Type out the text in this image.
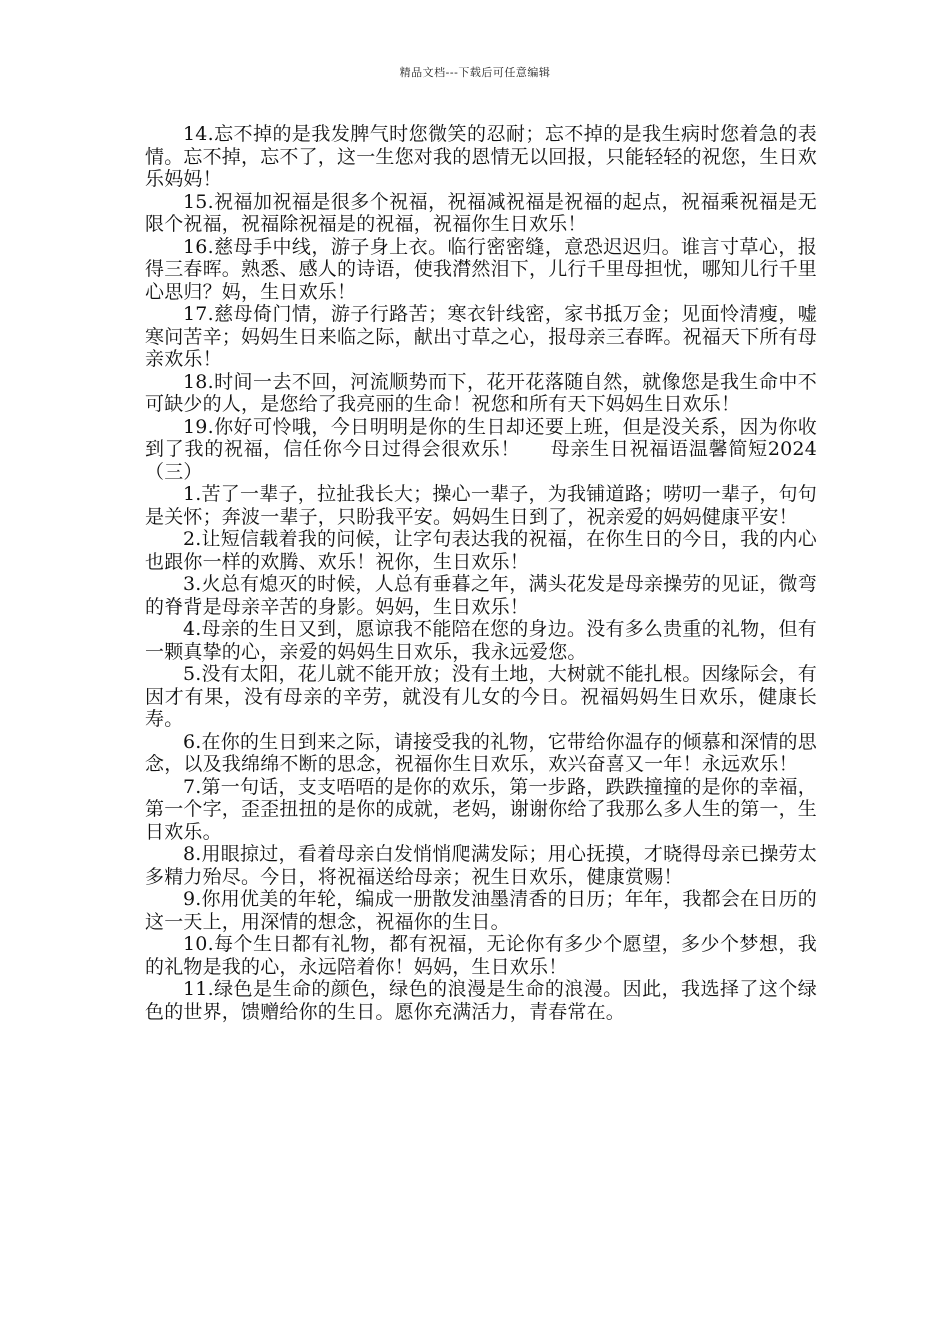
精品文档---下载后可任意编辑

14.忘不掉的是我发脾气时您微笑的忍耐；忘不掉的是我生病时您着急的表情。忘不掉，忘不了，这一生您对我的恩情无以回报，只能轻轻的祝您，生日欢乐妈妈！

15.祝福加祝福是很多个祝福，祝福减祝福是祝福的起点，祝福乘祝福是无限个祝福，祝福除祝福是的祝福，祝福你生日欢乐！

16.慈母手中线，游子身上衣。临行密密缝，意恐迟迟归。谁言寸草心，报得三春晖。熟悉、感人的诗语，使我潸然泪下，儿行千里母担忧，哪知儿行千里心思归？妈，生日欢乐！

17.慈母倚门情，游子行路苦；寒衣针线密，家书抵万金；见面怜清瘦，嘘寒问苦辛；妈妈生日来临之际，献出寸草之心，报母亲三春晖。祝福天下所有母亲欢乐！

18.时间一去不回，河流顺势而下，花开花落随自然，就像您是我生命中不可缺少的人，是您给了我亮丽的生命！祝您和所有天下妈妈生日欢乐！

19.你好可怜哦，今日明明是你的生日却还要上班，但是没关系，因为你收到了我的祝福，信任你今日过得会很欢乐！ 母亲生日祝福语温馨简短2024（三）

1.苦了一辈子，拉扯我长大；操心一辈子，为我铺道路；唠叨一辈子，句句是关怀；奔波一辈子，只盼我平安。妈妈生日到了，祝亲爱的妈妈健康平安！

2.让短信载着我的问候，让字句表达我的祝福，在你生日的今日，我的内心也跟你一样的欢腾、欢乐！祝你，生日欢乐！

3.火总有熄灭的时候，人总有垂暮之年，满头花发是母亲操劳的见证，微弯的脊背是母亲辛苦的身影。妈妈，生日欢乐！

4.母亲的生日又到，愿谅我不能陪在您的身边。没有多么贵重的礼物，但有一颗真挚的心，亲爱的妈妈生日欢乐，我永远爱您。

5.没有太阳，花儿就不能开放；没有土地，大树就不能扎根。因缘际会，有因才有果，没有母亲的辛劳，就没有儿女的今日。祝福妈妈生日欢乐，健康长寿。

6.在你的生日到来之际，请接受我的礼物，它带给你温存的倾慕和深情的思念，以及我绵绵不断的思念，祝福你生日欢乐，欢兴奋喜又一年！永远欢乐！

7.第一句话，支支唔唔的是你的欢乐，第一步路，跌跌撞撞的是你的幸福，第一个字，歪歪扭扭的是你的成就，老妈，谢谢你给了我那么多人生的第一，生日欢乐。

8.用眼掠过，看着母亲白发悄悄爬满发际；用心抚摸，才晓得母亲已操劳太多精力殆尽。今日，将祝福送给母亲；祝生日欢乐，健康赏赐！

9.你用优美的年轮，编成一册散发油墨清香的日历；年年，我都会在日历的这一天上，用深情的想念，祝福你的生日。

10.每个生日都有礼物，都有祝福，无论你有多少个愿望，多少个梦想，我的礼物是我的心，永远陪着你！妈妈，生日欢乐！

11.绿色是生命的颜色，绿色的浪漫是生命的浪漫。因此，我选择了这个绿色的世界，馈赠给你的生日。愿你充满活力，青春常在。
